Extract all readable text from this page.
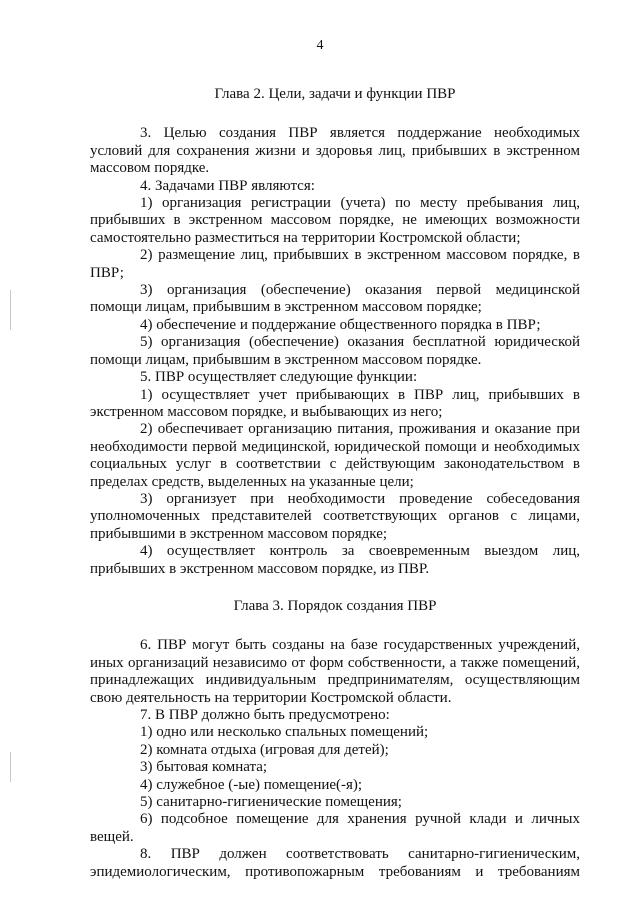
4

Глава 2. Цели, задачи и функции ПВР

3. Целью создания ПВР является поддержание необходимых условий для сохранения жизни и здоровья лиц, прибывших в экстренном массовом порядке.

4. Задачами ПВР являются:

1) организация регистрации (учета) по месту пребывания лиц, прибывших в экстренном массовом порядке, не имеющих возможности самостоятельно разместиться на территории Костромской области;

2) размещение лиц, прибывших в экстренном массовом порядке, в ПВР;

3) организация (обеспечение) оказания первой медицинской помощи лицам, прибывшим в экстренном массовом порядке;

4) обеспечение и поддержание общественного порядка в ПВР;

5) организация (обеспечение) оказания бесплатной юридической помощи лицам, прибывшим в экстренном массовом порядке.

5. ПВР осуществляет следующие функции:

1) осуществляет учет прибывающих в ПВР лиц, прибывших в экстренном массовом порядке, и выбывающих из него;

2) обеспечивает организацию питания, проживания и оказание при необходимости первой медицинской, юридической помощи и необходимых социальных услуг в соответствии с действующим законодательством в пределах средств, выделенных на указанные цели;

3) организует при необходимости проведение собеседования уполномоченных представителей соответствующих органов с лицами, прибывшими в экстренном массовом порядке;

4) осуществляет контроль за своевременным выездом лиц, прибывших в экстренном массовом порядке, из ПВР.

Глава 3. Порядок создания ПВР

6. ПВР могут быть созданы на базе государственных учреждений, иных организаций независимо от форм собственности, а также помещений, принадлежащих индивидуальным предпринимателям, осуществляющим свою деятельность на территории Костромской области.

7. В ПВР должно быть предусмотрено:

1) одно или несколько спальных помещений;

2) комната отдыха (игровая для детей);

3) бытовая комната;

4) служебное (-ые) помещение(-я);

5) санитарно-гигиенические помещения;

6) подсобное помещение для хранения ручной клади и личных вещей.

8. ПВР должен соответствовать санитарно-гигиеническим, эпидемиологическим, противопожарным требованиям и требованиям
